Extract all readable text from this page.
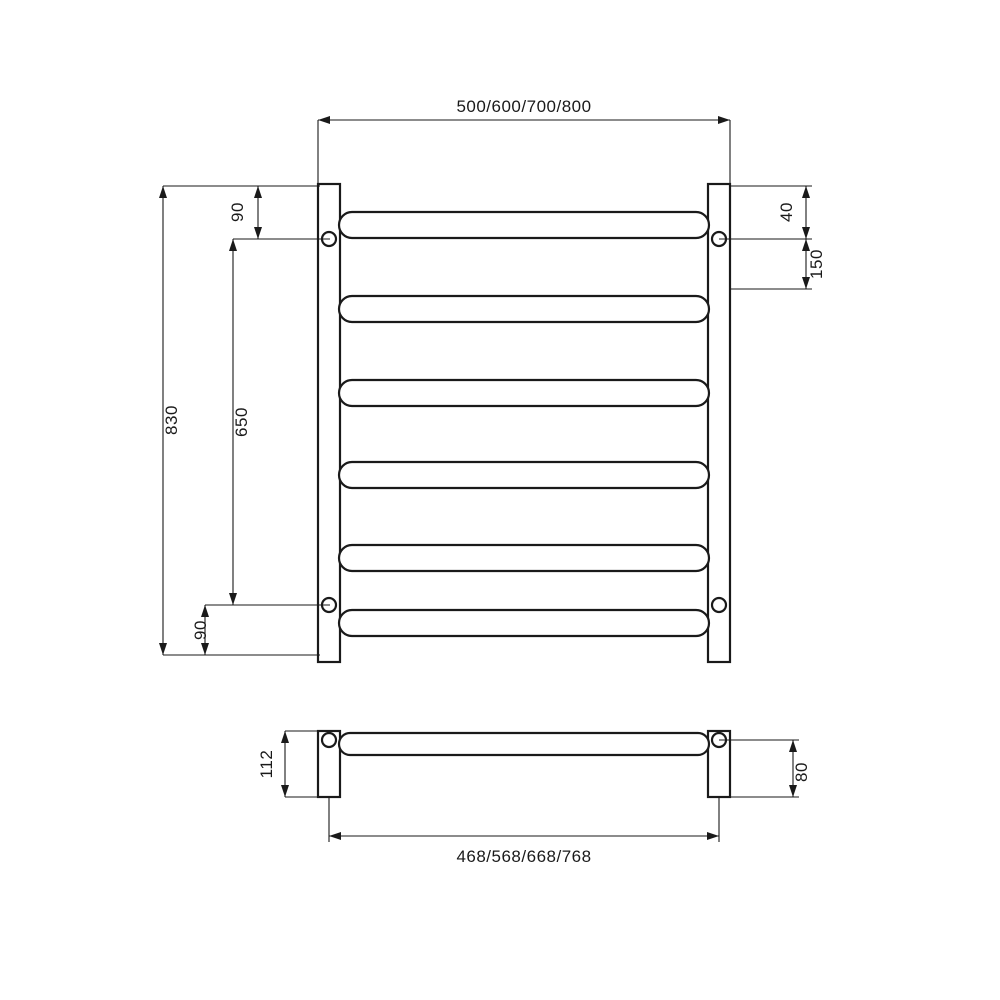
500/600/700/800
830	650
90
90
40
150
112	80
468/568/668/768
